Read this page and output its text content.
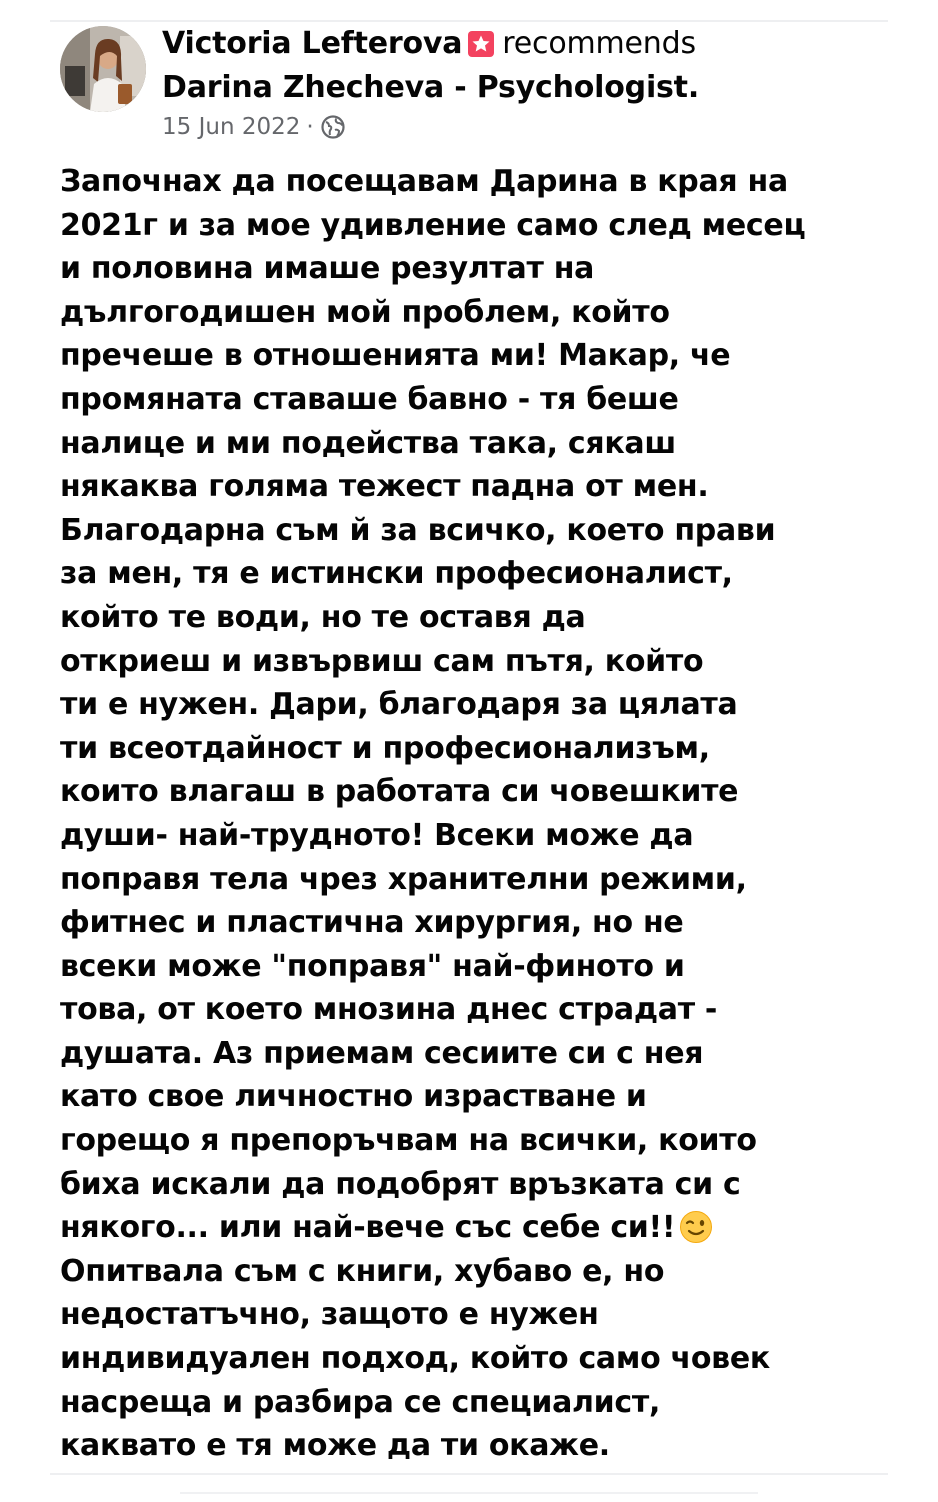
Victoria Lefterova recommends
Darina Zhecheva - Psychologist.
15 Jun 2022 ·
Започнах да посещавам Дарина в края на
2021г и за мое удивление само след месец
и половина имаше резултат на
дългогодишен мой проблем, който
пречеше в отношенията ми! Макар, че
промяната ставаше бавно - тя беше
налице и ми подейства така, сякаш
някаква голяма тежест падна от мен.
Благодарна съм й за всичко, което прави
за мен, тя е истински професионалист,
който те води, но те оставя да
откриеш и извървиш сам пътя, който
ти е нужен. Дари, благодаря за цялата
ти всеотдайност и професионализъм,
които влагаш в работата си човешките
души- най-трудното! Всеки може да
поправя тела чрез хранителни режими,
фитнес и пластична хирургия, но не
всеки може "поправя" най-финото и
това, от което мнозина днес страдат -
душата. Аз приемам сесиите си с нея
като свое личностно израстване и
горещо я препоръчвам на всички, които
биха искали да подобрят връзката си с
някого... или най-вече със себе си!!
Опитвала съм с книги, хубаво е, но
недостатъчно, защото е нужен
индивидуален подход, който само човек
насреща и разбира се специалист,
каквато е тя може да ти окаже.
